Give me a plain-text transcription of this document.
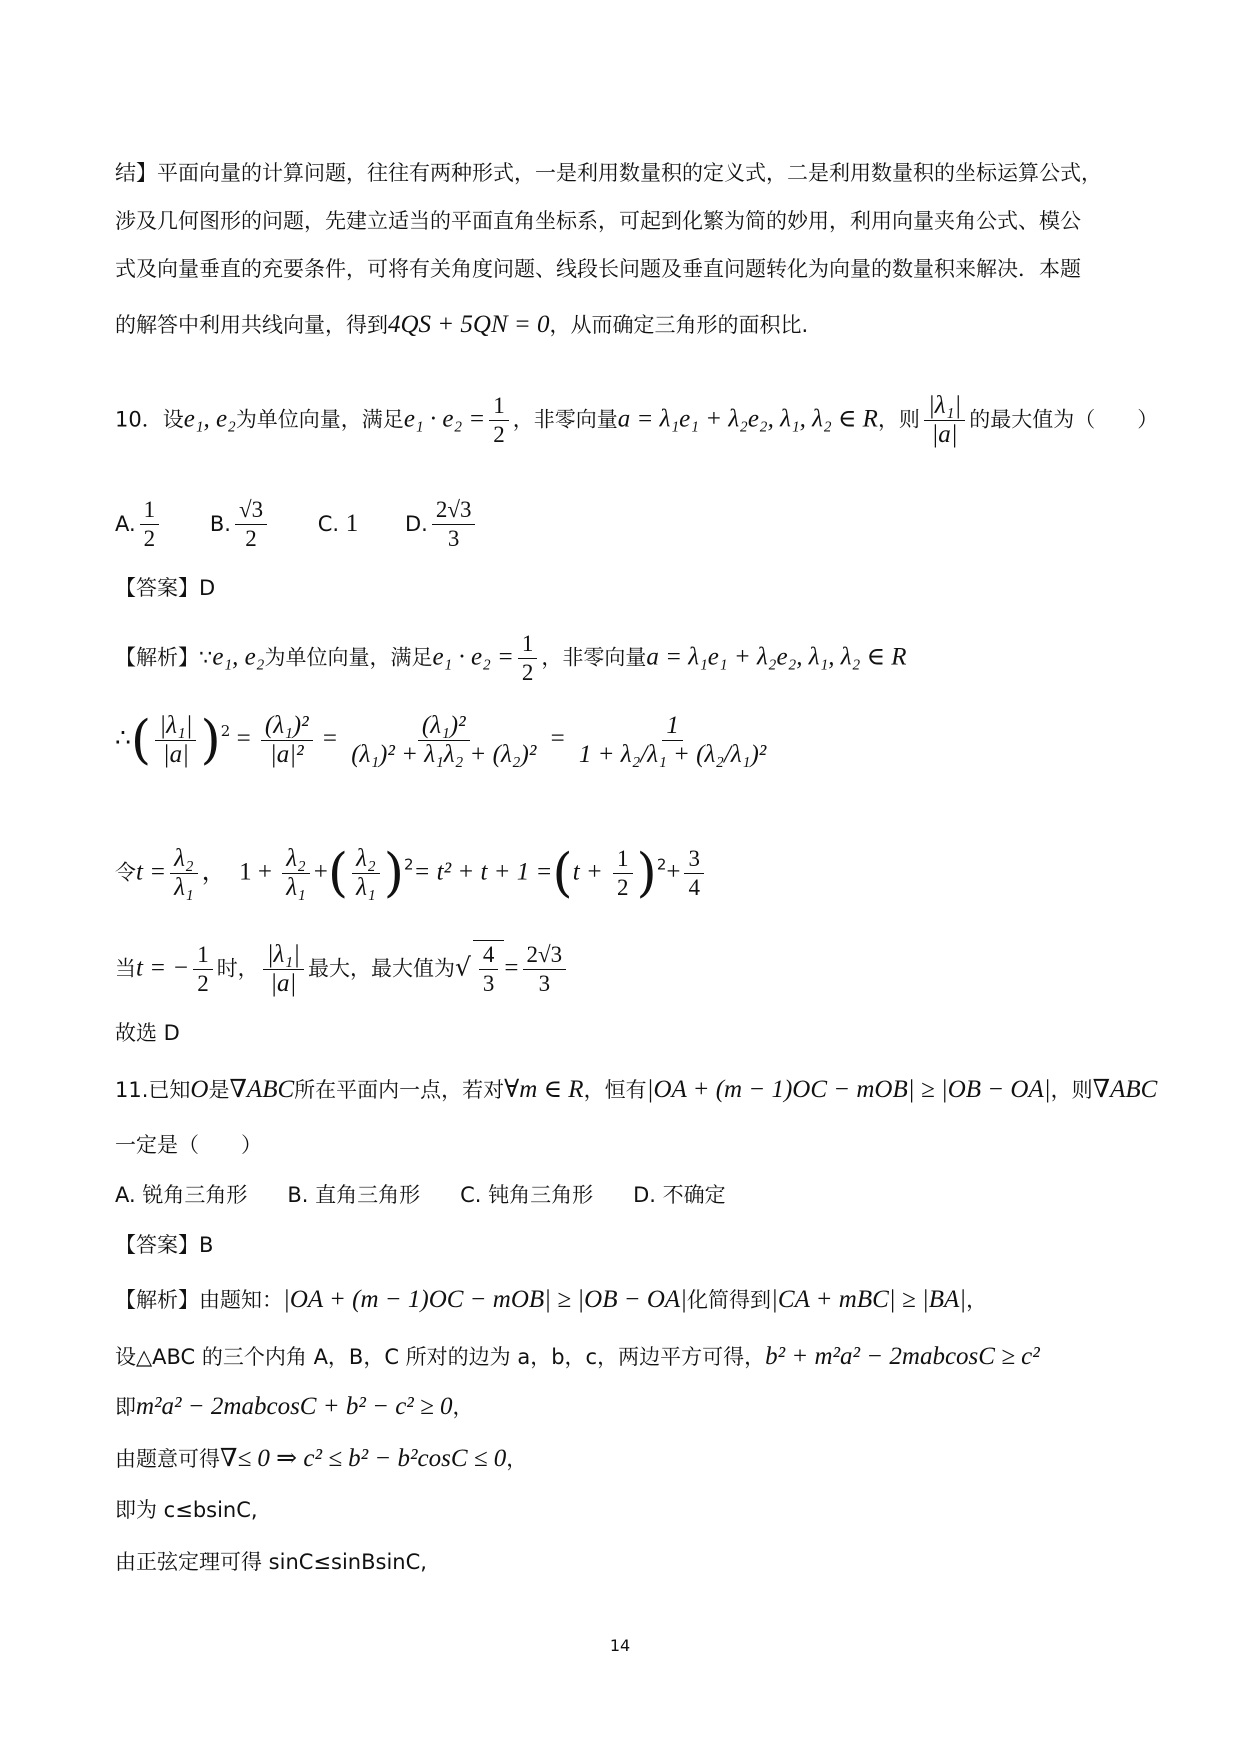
结】平面向量的计算问题，往往有两种形式，一是利用数量积的定义式，二是利用数量积的坐标运算公式，
涉及几何图形的问题，先建立适当的平面直角坐标系，可起到化繁为简的妙用，利用向量夹角公式、模公
式及向量垂直的充要条件，可将有关角度问题、线段长问题及垂直问题转化为向量的数量积来解决．本题
的解答中利用共线向量，得到4QS + 5QN = 0，从而确定三角形的面积比.
10．设e₁, e₂为单位向量，满足$e_1 \cdot e_2 = \frac{1}{2}$ ，非零向量a = λ₁e₁ + λ₂e₂, λ₁, λ₂ ∈ R，则 $\frac{\text{|λ₁|}}{|a|}$ 的最大值为（　　）
A. $\frac{1}{2} B$. $\frac{√3}{2} C$. 1 D. $\frac{2√3}{3}$
【答案】D
【解析】∵e₁, e₂为单位向量，满足$e_1 \cdot e_2 = \frac{1}{2}$ ，非零向量a = λ₁e₁ + λ₂e₂, λ₁, λ₂ ∈ R
∴( $\frac{\text{|λ₁|}}{|a|} )^2 = \frac{\text{(λ₁)²}}{\text{|a|²}} = \frac{\text{(λ₁)²}}{\text{(λ₁)² + λ₁λ₂ + (λ₂)²}} = \frac{1}{\text{1 + λ₂/λ₁ + (λ₂/λ₁)²}}$
令$t = \frac{\text{λ₂}}{\text{λ₁}}$ ，　$1 + \frac{\text{λ₂}}{\text{λ₁}}$ +( $\frac{\text{λ₂}}{\text{λ₁}} )^2= t^2 + t + 1 =(t + \frac{1}{2} )^2+ \frac{3}{4}$
当t = − $\frac{1}{2}$ 时， $\frac{\text{|λ₁|}}{|a|}$ 最大，最大值为√ $\frac{4}{3} = \frac{2√3}{3}$
故选 D
11.已知O是∇ABC所在平面内一点，若对∀m ∈ R，恒有|OA + (m − 1)OC − mOB| ≥ |OB − OA|，则∇ABC
一定是（　　）
A. 锐角三角形 B. 直角三角形 C. 钝角三角形 D. 不确定
【答案】B
【解析】由题知：|OA + (m − 1)OC − mOB| ≥ |OB − OA|化简得到|CA + mBC| ≥ |BA|，
设△ABC 的三个内角 A，B，C 所对的边为 a，b，c，两边平方可得，b² + m²a² − 2mabcosC ≥ c²
即m²a² − 2mabcosC + b² − c² ≥ 0，
由题意可得∇≤ 0 ⇒ c² ≤ b² − b²cosC ≤ 0，
即为 c≤bsinC,
由正弦定理可得 sinC≤sinBsinC,
14
